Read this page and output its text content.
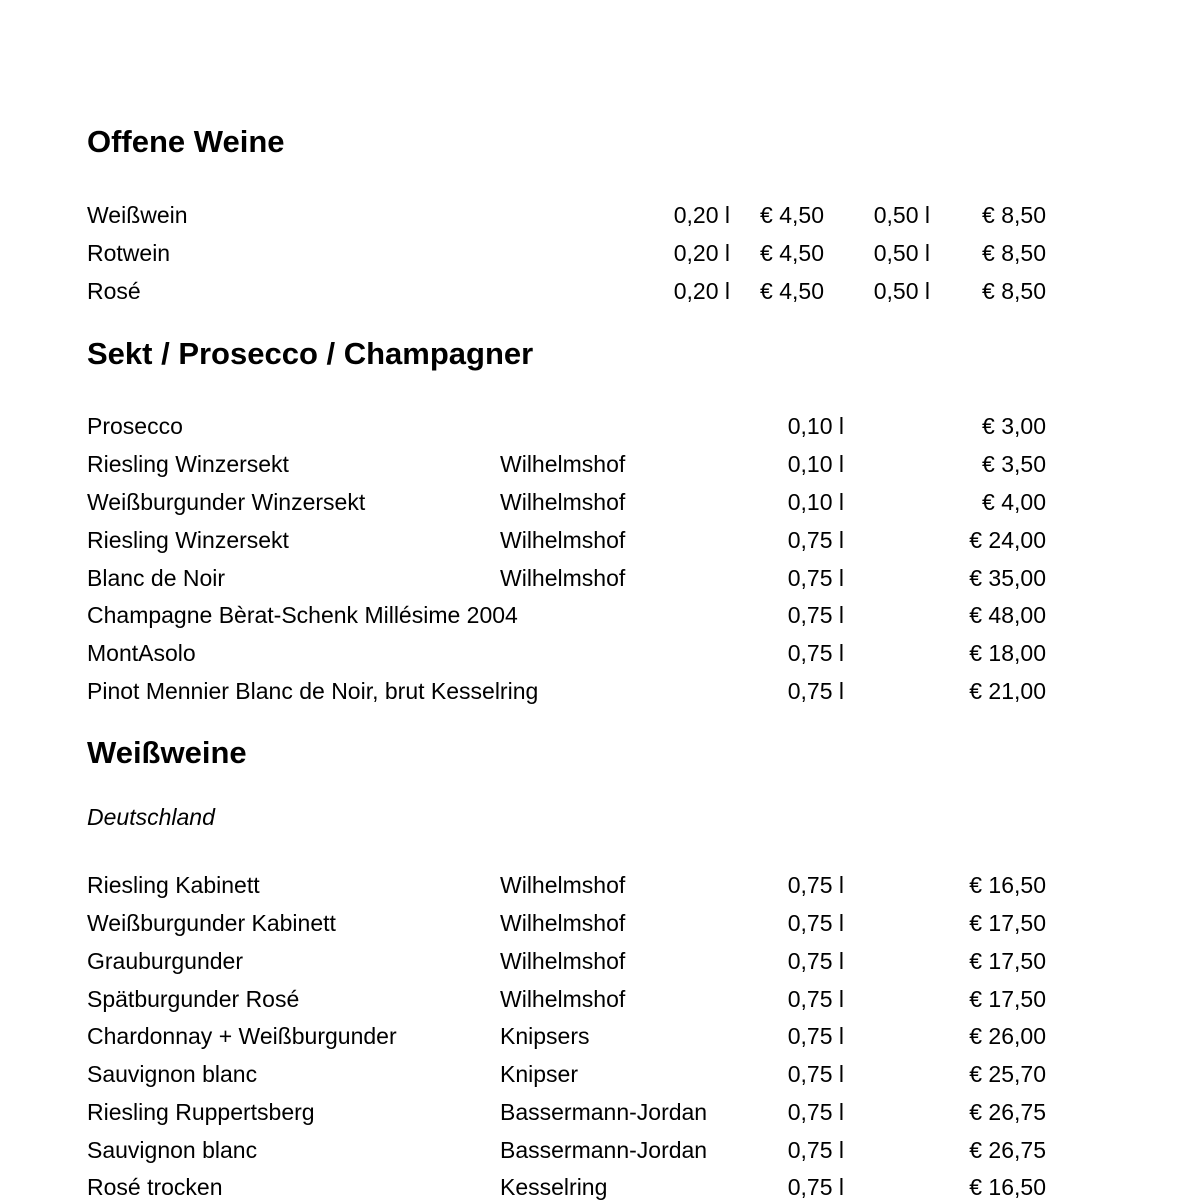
Offene Weine
Weißwein	0,20 l € 4,50 0,50 l € 8,50
Rotwein	0,20 l € 4,50 0,50 l € 8,50
Rosé	0,20 l € 4,50 0,50 l € 8,50
Sekt / Prosecco / Champagner
Prosecco	0,10 l	€ 3,00
Riesling Winzersekt	Wilhelmshof	0,10 l	€ 3,50
Weißburgunder Winzersekt	Wilhelmshof	0,10 l	€ 4,00
Riesling Winzersekt	Wilhelmshof	0,75 l	€ 24,00
Blanc de Noir	Wilhelmshof	0,75 l	€ 35,00
Champagne Bèrat-Schenk Millésime 2004	0,75 l	€ 48,00
MontAsolo	0,75 l	€ 18,00
Pinot Mennier Blanc de Noir, brut Kesselring	0,75 l	€ 21,00
Weißweine

Deutschland

Riesling Kabinett	Wilhelmshof	0,75 l	€ 16,50
Weißburgunder Kabinett	Wilhelmshof	0,75 l	€ 17,50
Grauburgunder	Wilhelmshof	0,75 l	€ 17,50
Spätburgunder Rosé	Wilhelmshof	0,75 l	€ 17,50
Chardonnay + Weißburgunder	Knipsers	0,75 l	€ 26,00
Sauvignon blanc	Knipser	0,75 l	€ 25,70
Riesling Ruppertsberg	Bassermann-Jordan	0,75 l	€ 26,75
Sauvignon blanc	Bassermann-Jordan	0,75 l	€ 26,75
Rosé trocken	Kesselring	0,75 l	€ 16,50
